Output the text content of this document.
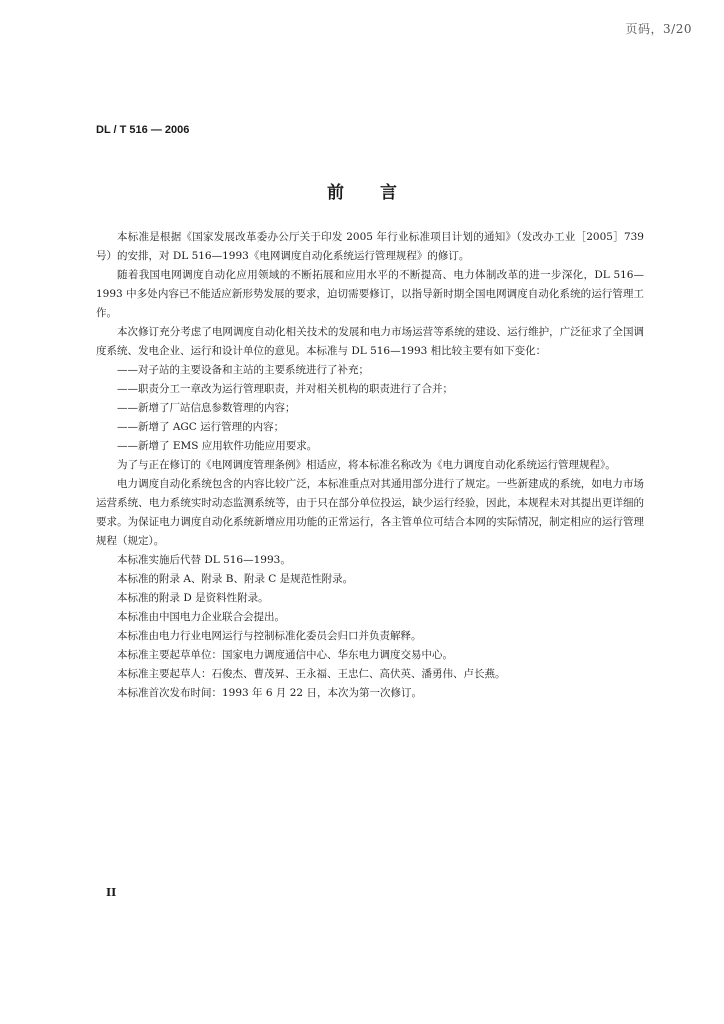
页码，3/20
DL / T 516 — 2006
前言

本标准是根据《国家发展改革委办公厅关于印发 2005 年行业标准项目计划的通知》（发改办工业［2005］739 号）的安排，对 DL 516—1993《电网调度自动化系统运行管理规程》的修订。

随着我国电网调度自动化应用领域的不断拓展和应用水平的不断提高、电力体制改革的进一步深化，DL 516—1993 中多处内容已不能适应新形势发展的要求，迫切需要修订，以指导新时期全国电网调度自动化系统的运行管理工作。

本次修订充分考虑了电网调度自动化相关技术的发展和电力市场运营等系统的建设、运行维护，广泛征求了全国调度系统、发电企业、运行和设计单位的意见。本标准与 DL 516—1993 相比较主要有如下变化：

——对子站的主要设备和主站的主要系统进行了补充；

——职责分工一章改为运行管理职责，并对相关机构的职责进行了合并；

——新增了厂站信息参数管理的内容；

——新增了 AGC 运行管理的内容；

——新增了 EMS 应用软件功能应用要求。

为了与正在修订的《电网调度管理条例》相适应，将本标准名称改为《电力调度自动化系统运行管理规程》。

电力调度自动化系统包含的内容比较广泛，本标准重点对其通用部分进行了规定。一些新建成的系统，如电力市场运营系统、电力系统实时动态监测系统等，由于只在部分单位投运，缺少运行经验，因此，本规程未对其提出更详细的要求。为保证电力调度自动化系统新增应用功能的正常运行，各主管单位可结合本网的实际情况，制定相应的运行管理规程（规定）。

本标准实施后代替 DL 516—1993。

本标准的附录 A、附录 B、附录 C 是规范性附录。

本标准的附录 D 是资料性附录。

本标准由中国电力企业联合会提出。

本标准由电力行业电网运行与控制标准化委员会归口并负责解释。

本标准主要起草单位：国家电力调度通信中心、华东电力调度交易中心。

本标准主要起草人：石俊杰、曹茂昇、王永福、王忠仁、高伏英、潘勇伟、卢长燕。

本标准首次发布时间：1993 年 6 月 22 日，本次为第一次修订。

II
